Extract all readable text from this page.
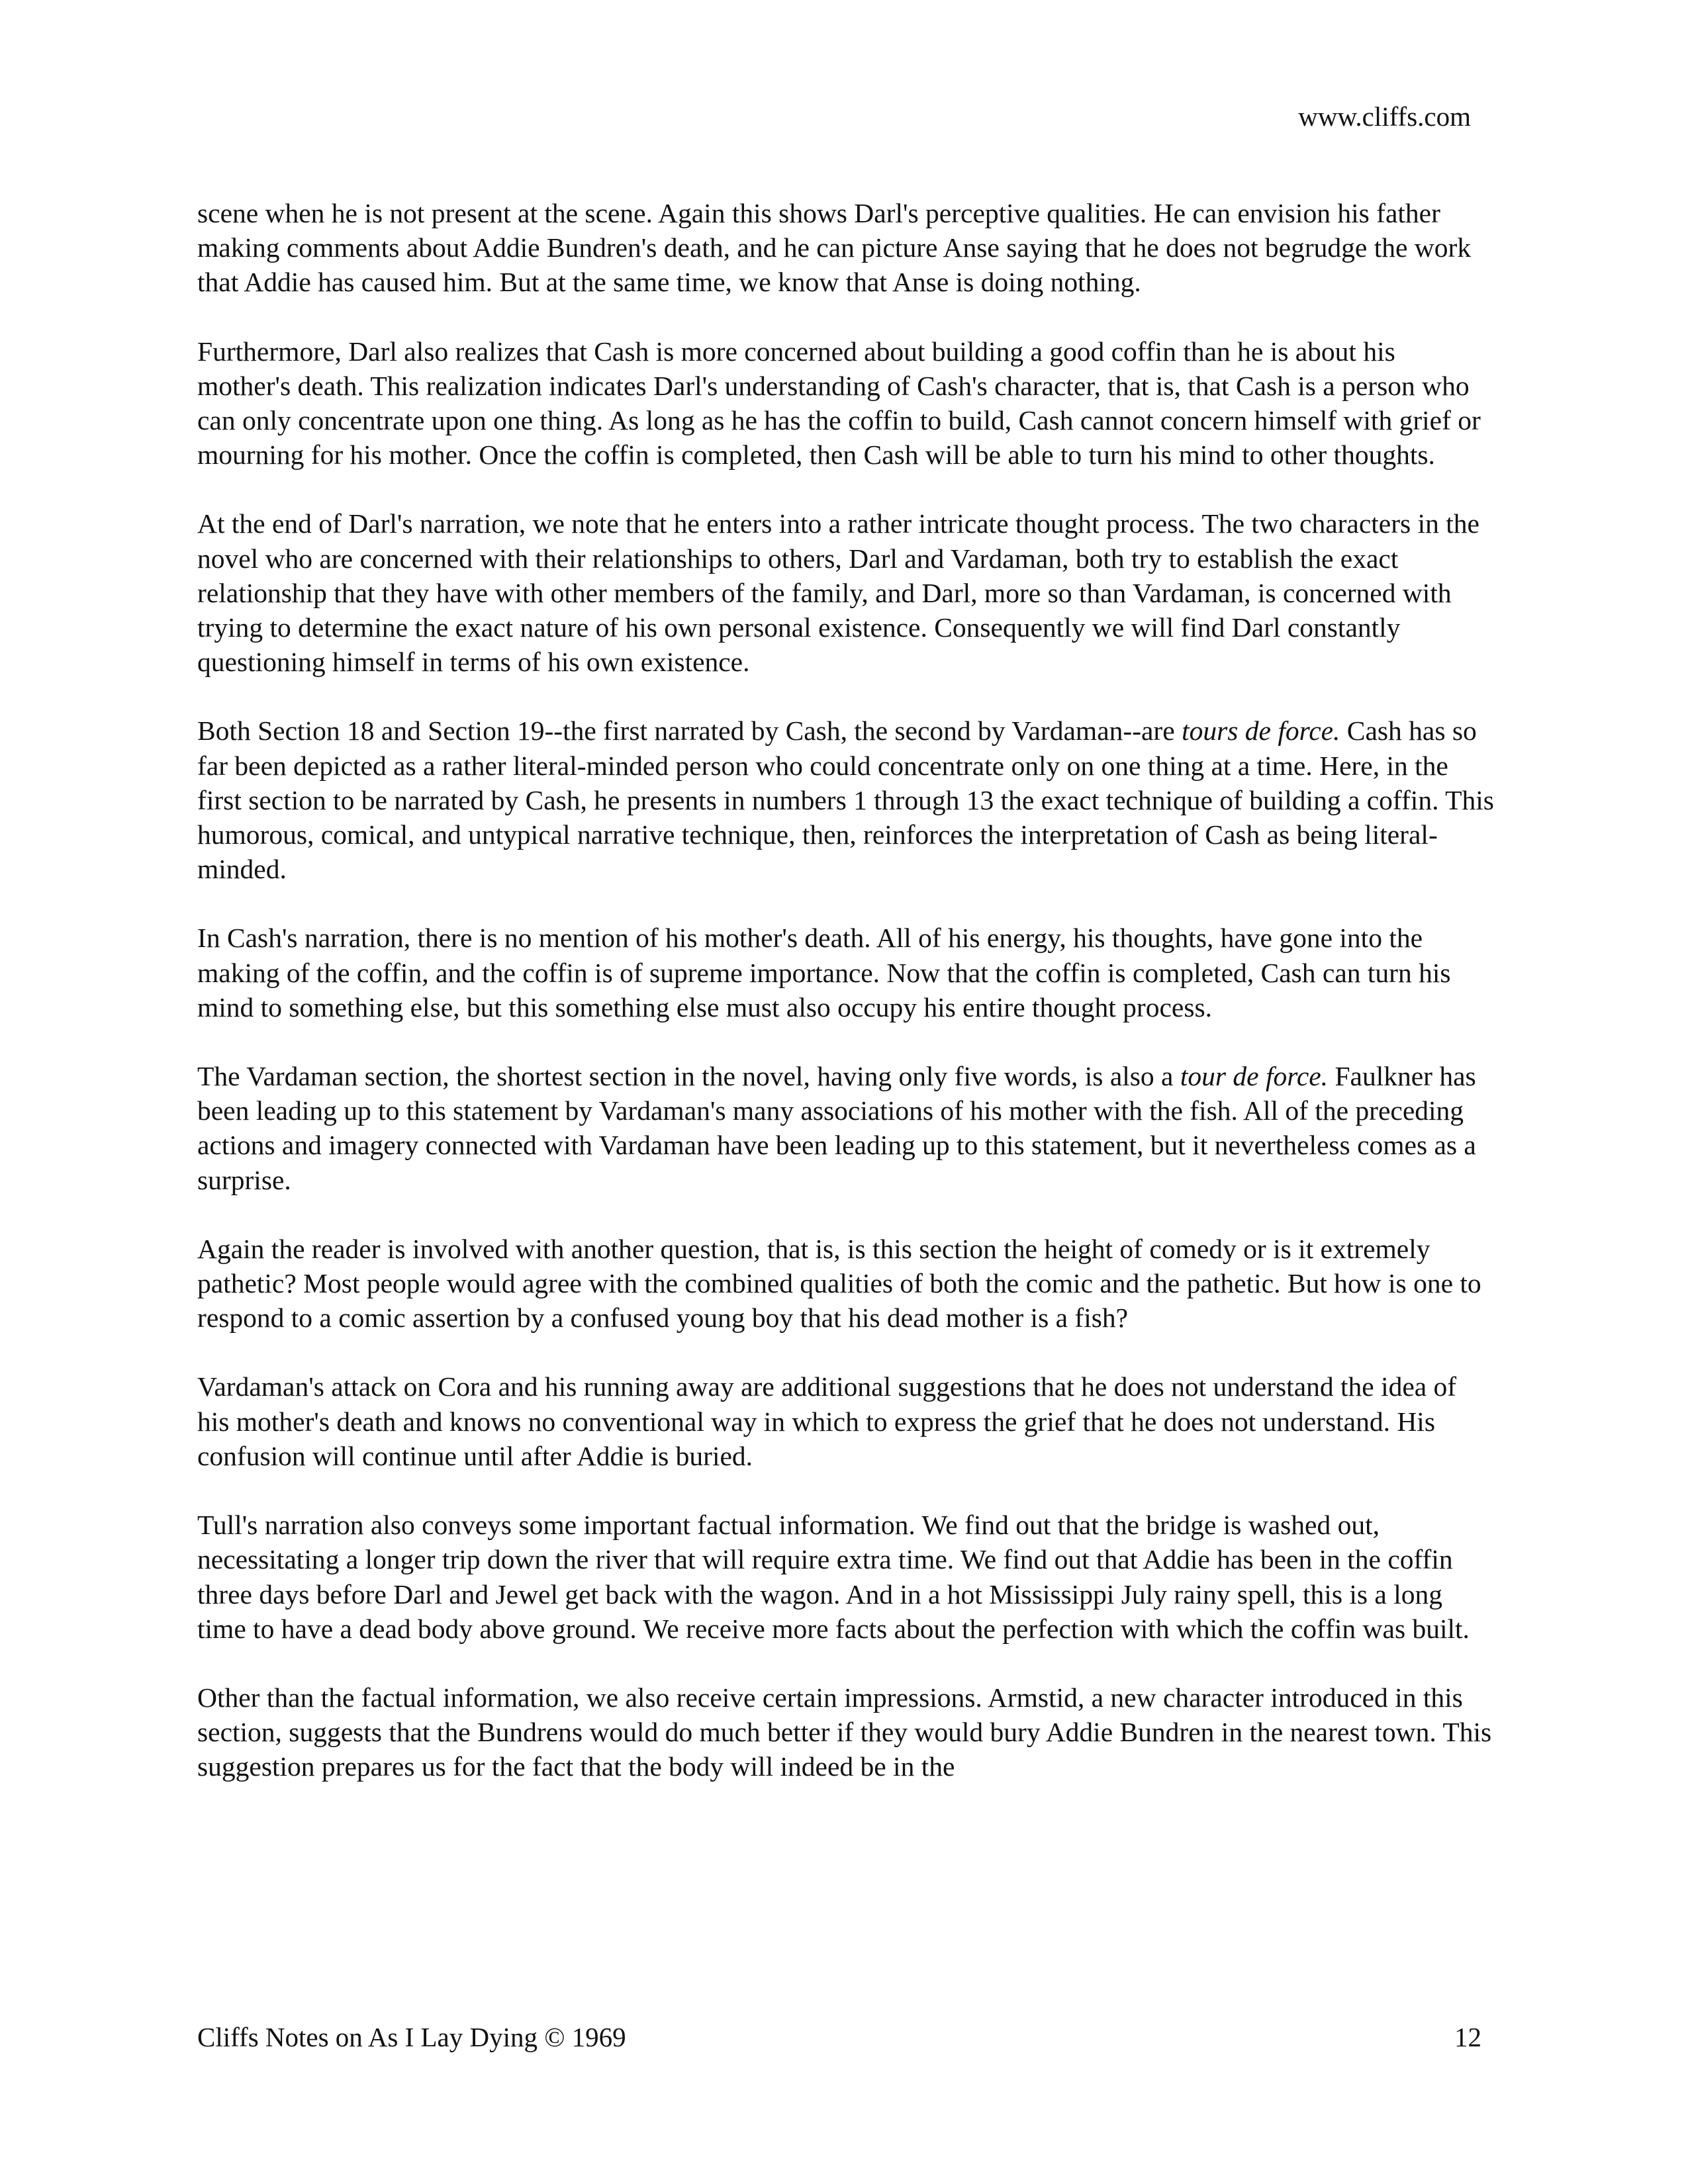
www.cliffs.com

scene when he is not present at the scene. Again this shows Darl's perceptive qualities. He can envision his father making comments about Addie Bundren's death, and he can picture Anse saying that he does not begrudge the work that Addie has caused him. But at the same time, we know that Anse is doing nothing.

Furthermore, Darl also realizes that Cash is more concerned about building a good coffin than he is about his mother's death. This realization indicates Darl's understanding of Cash's character, that is, that Cash is a person who can only concentrate upon one thing. As long as he has the coffin to build, Cash cannot concern himself with grief or mourning for his mother. Once the coffin is completed, then Cash will be able to turn his mind to other thoughts.

At the end of Darl's narration, we note that he enters into a rather intricate thought process. The two characters in the novel who are concerned with their relationships to others, Darl and Vardaman, both try to establish the exact relationship that they have with other members of the family, and Darl, more so than Vardaman, is concerned with trying to determine the exact nature of his own personal existence. Consequently we will find Darl constantly questioning himself in terms of his own existence.

Both Section 18 and Section 19--the first narrated by Cash, the second by Vardaman--are tours de force. Cash has so far been depicted as a rather literal-minded person who could concentrate only on one thing at a time. Here, in the first section to be narrated by Cash, he presents in numbers 1 through 13 the exact technique of building a coffin. This humorous, comical, and untypical narrative technique, then, reinforces the interpretation of Cash as being literal-minded.

In Cash's narration, there is no mention of his mother's death. All of his energy, his thoughts, have gone into the making of the coffin, and the coffin is of supreme importance. Now that the coffin is completed, Cash can turn his mind to something else, but this something else must also occupy his entire thought process.

The Vardaman section, the shortest section in the novel, having only five words, is also a tour de force. Faulkner has been leading up to this statement by Vardaman's many associations of his mother with the fish. All of the preceding actions and imagery connected with Vardaman have been leading up to this statement, but it nevertheless comes as a surprise.

Again the reader is involved with another question, that is, is this section the height of comedy or is it extremely pathetic? Most people would agree with the combined qualities of both the comic and the pathetic. But how is one to respond to a comic assertion by a confused young boy that his dead mother is a fish?

Vardaman's attack on Cora and his running away are additional suggestions that he does not understand the idea of his mother's death and knows no conventional way in which to express the grief that he does not understand. His confusion will continue until after Addie is buried.

Tull's narration also conveys some important factual information. We find out that the bridge is washed out, necessitating a longer trip down the river that will require extra time. We find out that Addie has been in the coffin three days before Darl and Jewel get back with the wagon. And in a hot Mississippi July rainy spell, this is a long time to have a dead body above ground. We receive more facts about the perfection with which the coffin was built.

Other than the factual information, we also receive certain impressions. Armstid, a new character introduced in this section, suggests that the Bundrens would do much better if they would bury Addie Bundren in the nearest town. This suggestion prepares us for the fact that the body will indeed be in the

Cliffs Notes on As I Lay Dying © 1969	12
